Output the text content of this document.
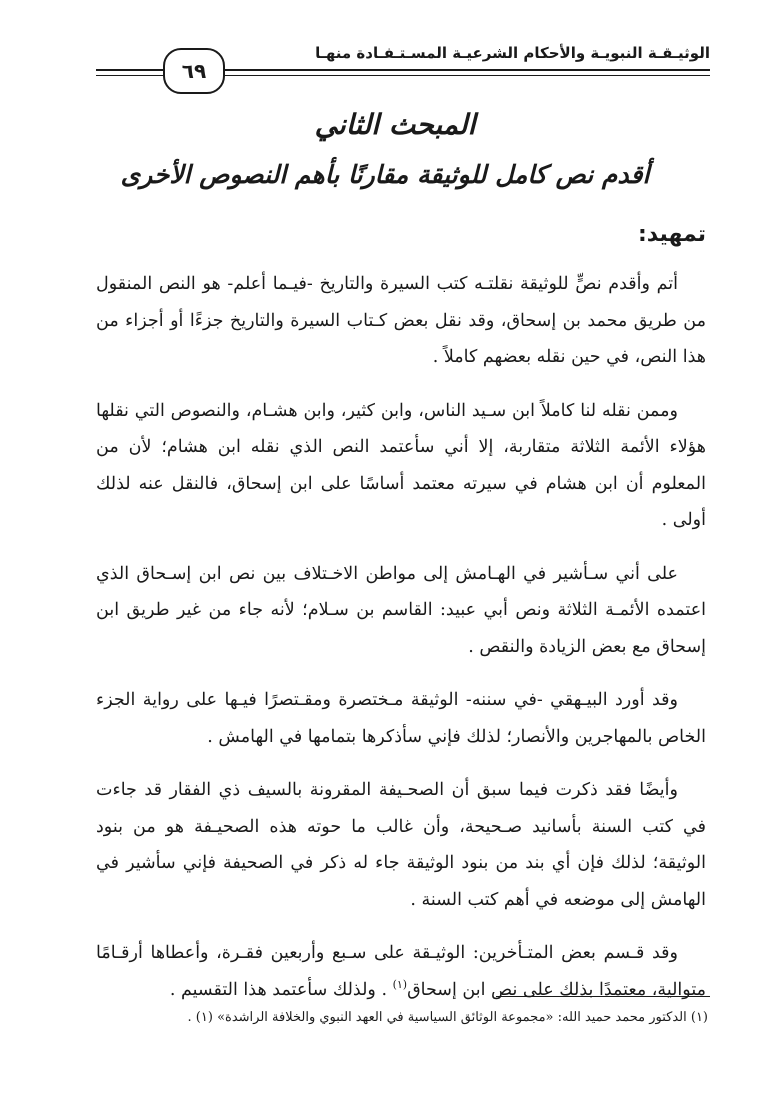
الوثيـقـة النبويـة والأحكام الشرعيـة المسـتـفـادة منهـا
٦٩
المبحث الثاني
أقدم نص كامل للوثيقة مقارنًا بأهم النصوص الأخرى
تمهيد:

أتم وأقدم نصٍّ للوثيقة نقلتـه كتب السيرة والتاريخ -فيـما أعلم- هو النص المنقول من طريق محمد بن إسحاق، وقد نقل بعض كـتاب السيرة والتاريخ جزءًا أو أجزاء من هذا النص، في حين نقله بعضهم كاملاً .

وممن نقله لنا كاملاً ابن سـيد الناس، وابن كثير، وابن هشـام، والنصوص التي نقلها هؤلاء الأئمة الثلاثة متقاربة، إلا أني سأعتمد النص الذي نقله ابن هشام؛ لأن من المعلوم أن ابن هشام في سيرته معتمد أساسًا على ابن إسحاق، فالنقل عنه لذلك أولى .

على أني سـأشير في الهـامش إلى مواطن الاخـتلاف بين نص ابن إسـحاق الذي اعتمده الأئمـة الثلاثة ونص أبي عبيد: القاسم بن سـلام؛ لأنه جاء من غير طريق ابن إسحاق مع بعض الزيادة والنقص .

وقد أورد البيـهقي -في سننه- الوثيقة مـختصرة ومقـتصرًا فيـها على رواية الجزء الخاص بالمهاجرين والأنصار؛ لذلك فإني سأذكرها بتمامها في الهامش .

وأيضًا فقد ذكرت فيما سبق أن الصحـيفة المقرونة بالسيف ذي الفقار قد جاءت في كتب السنة بأسانيد صـحيحة، وأن غالب ما حوته هذه الصحيـفة هو من بنود الوثيقة؛ لذلك فإن أي بند من بنود الوثيقة جاء له ذكر في الصحيفة فإني سأشير في الهامش إلى موضعه في أهم كتب السنة .

وقد قـسم بعض المتـأخرين: الوثيـقة على سـبع وأربعين فقـرة، وأعطاها أرقـامًا متوالية، معتمدًا بذلك على نص ابن إسحاق$^{(١)}$ . ولذلك سأعتمد هذا التقسيم .

(١) الدكتور محمد حميد الله: «مجموعة الوثائق السياسية في العهد النبوي والخلافة الراشدة» (١) .
